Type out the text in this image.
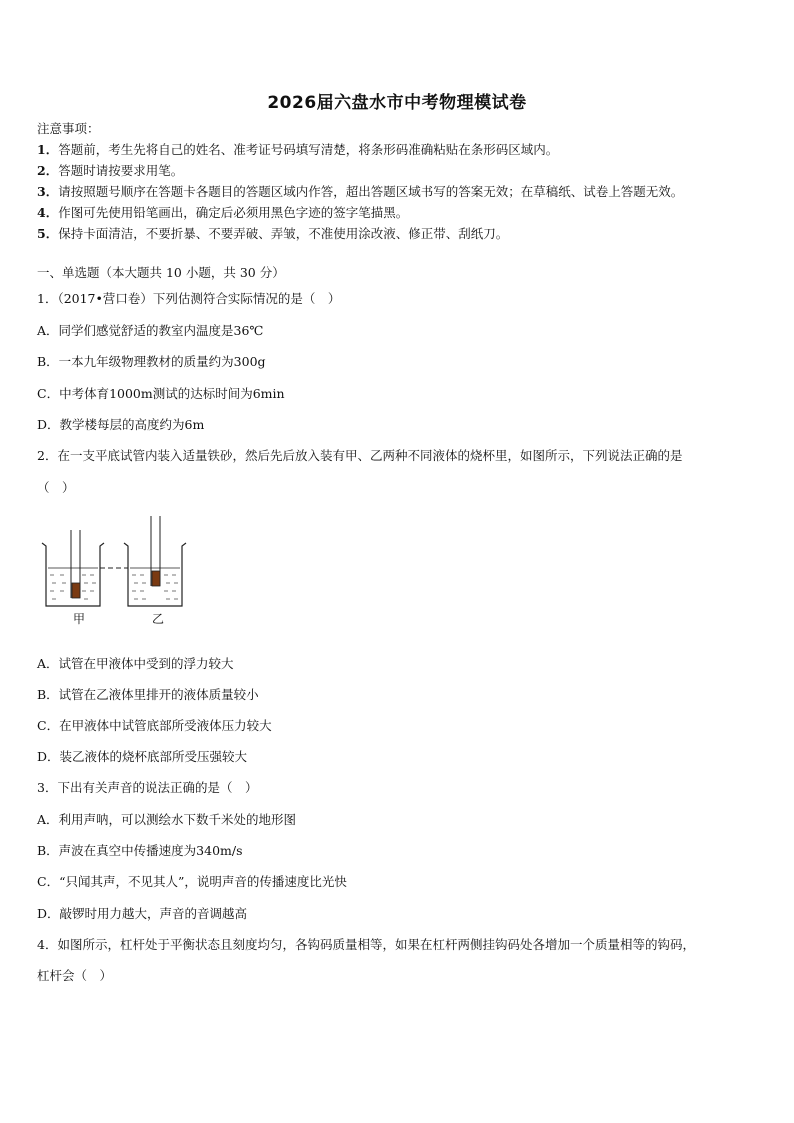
2026届六盘水市中考物理模试卷
注意事项：
1．答题前，考生先将自己的姓名、准考证号码填写清楚，将条形码准确粘贴在条形码区域内。
2．答题时请按要求用笔。
3．请按照题号顺序在答题卡各题目的答题区域内作答，超出答题区域书写的答案无效；在草稿纸、试卷上答题无效。
4．作图可先使用铅笔画出，确定后必须用黑色字迹的签字笔描黑。
5．保持卡面清洁，不要折暴、不要弄破、弄皱，不准使用涂改液、修正带、刮纸刀。
一、单选题（本大题共 10 小题，共 30 分）
1．（2017•营口卷）下列估测符合实际情况的是（　）
A．同学们感觉舒适的教室内温度是36℃
B．一本九年级物理教材的质量约为300g
C．中考体育1000m测试的达标时间为6min
D．教学楼每层的高度约为6m
2．在一支平底试管内装入适量铁砂，然后先后放入装有甲、乙两种不同液体的烧杯里，如图所示，下列说法正确的是
（　）
甲	乙
A．试管在甲液体中受到的浮力较大
B．试管在乙液体里排开的液体质量较小
C．在甲液体中试管底部所受液体压力较大
D．装乙液体的烧杯底部所受压强较大
3．下出有关声音的说法正确的是（　）
A．利用声呐，可以测绘水下数千米处的地形图
B．声波在真空中传播速度为340m/s
C．“只闻其声，不见其人”，说明声音的传播速度比光快
D．敲锣时用力越大，声音的音调越高
4．如图所示，杠杆处于平衡状态且刻度均匀，各钩码质量相等，如果在杠杆两侧挂钩码处各增加一个质量相等的钩码，
杠杆会（　）
